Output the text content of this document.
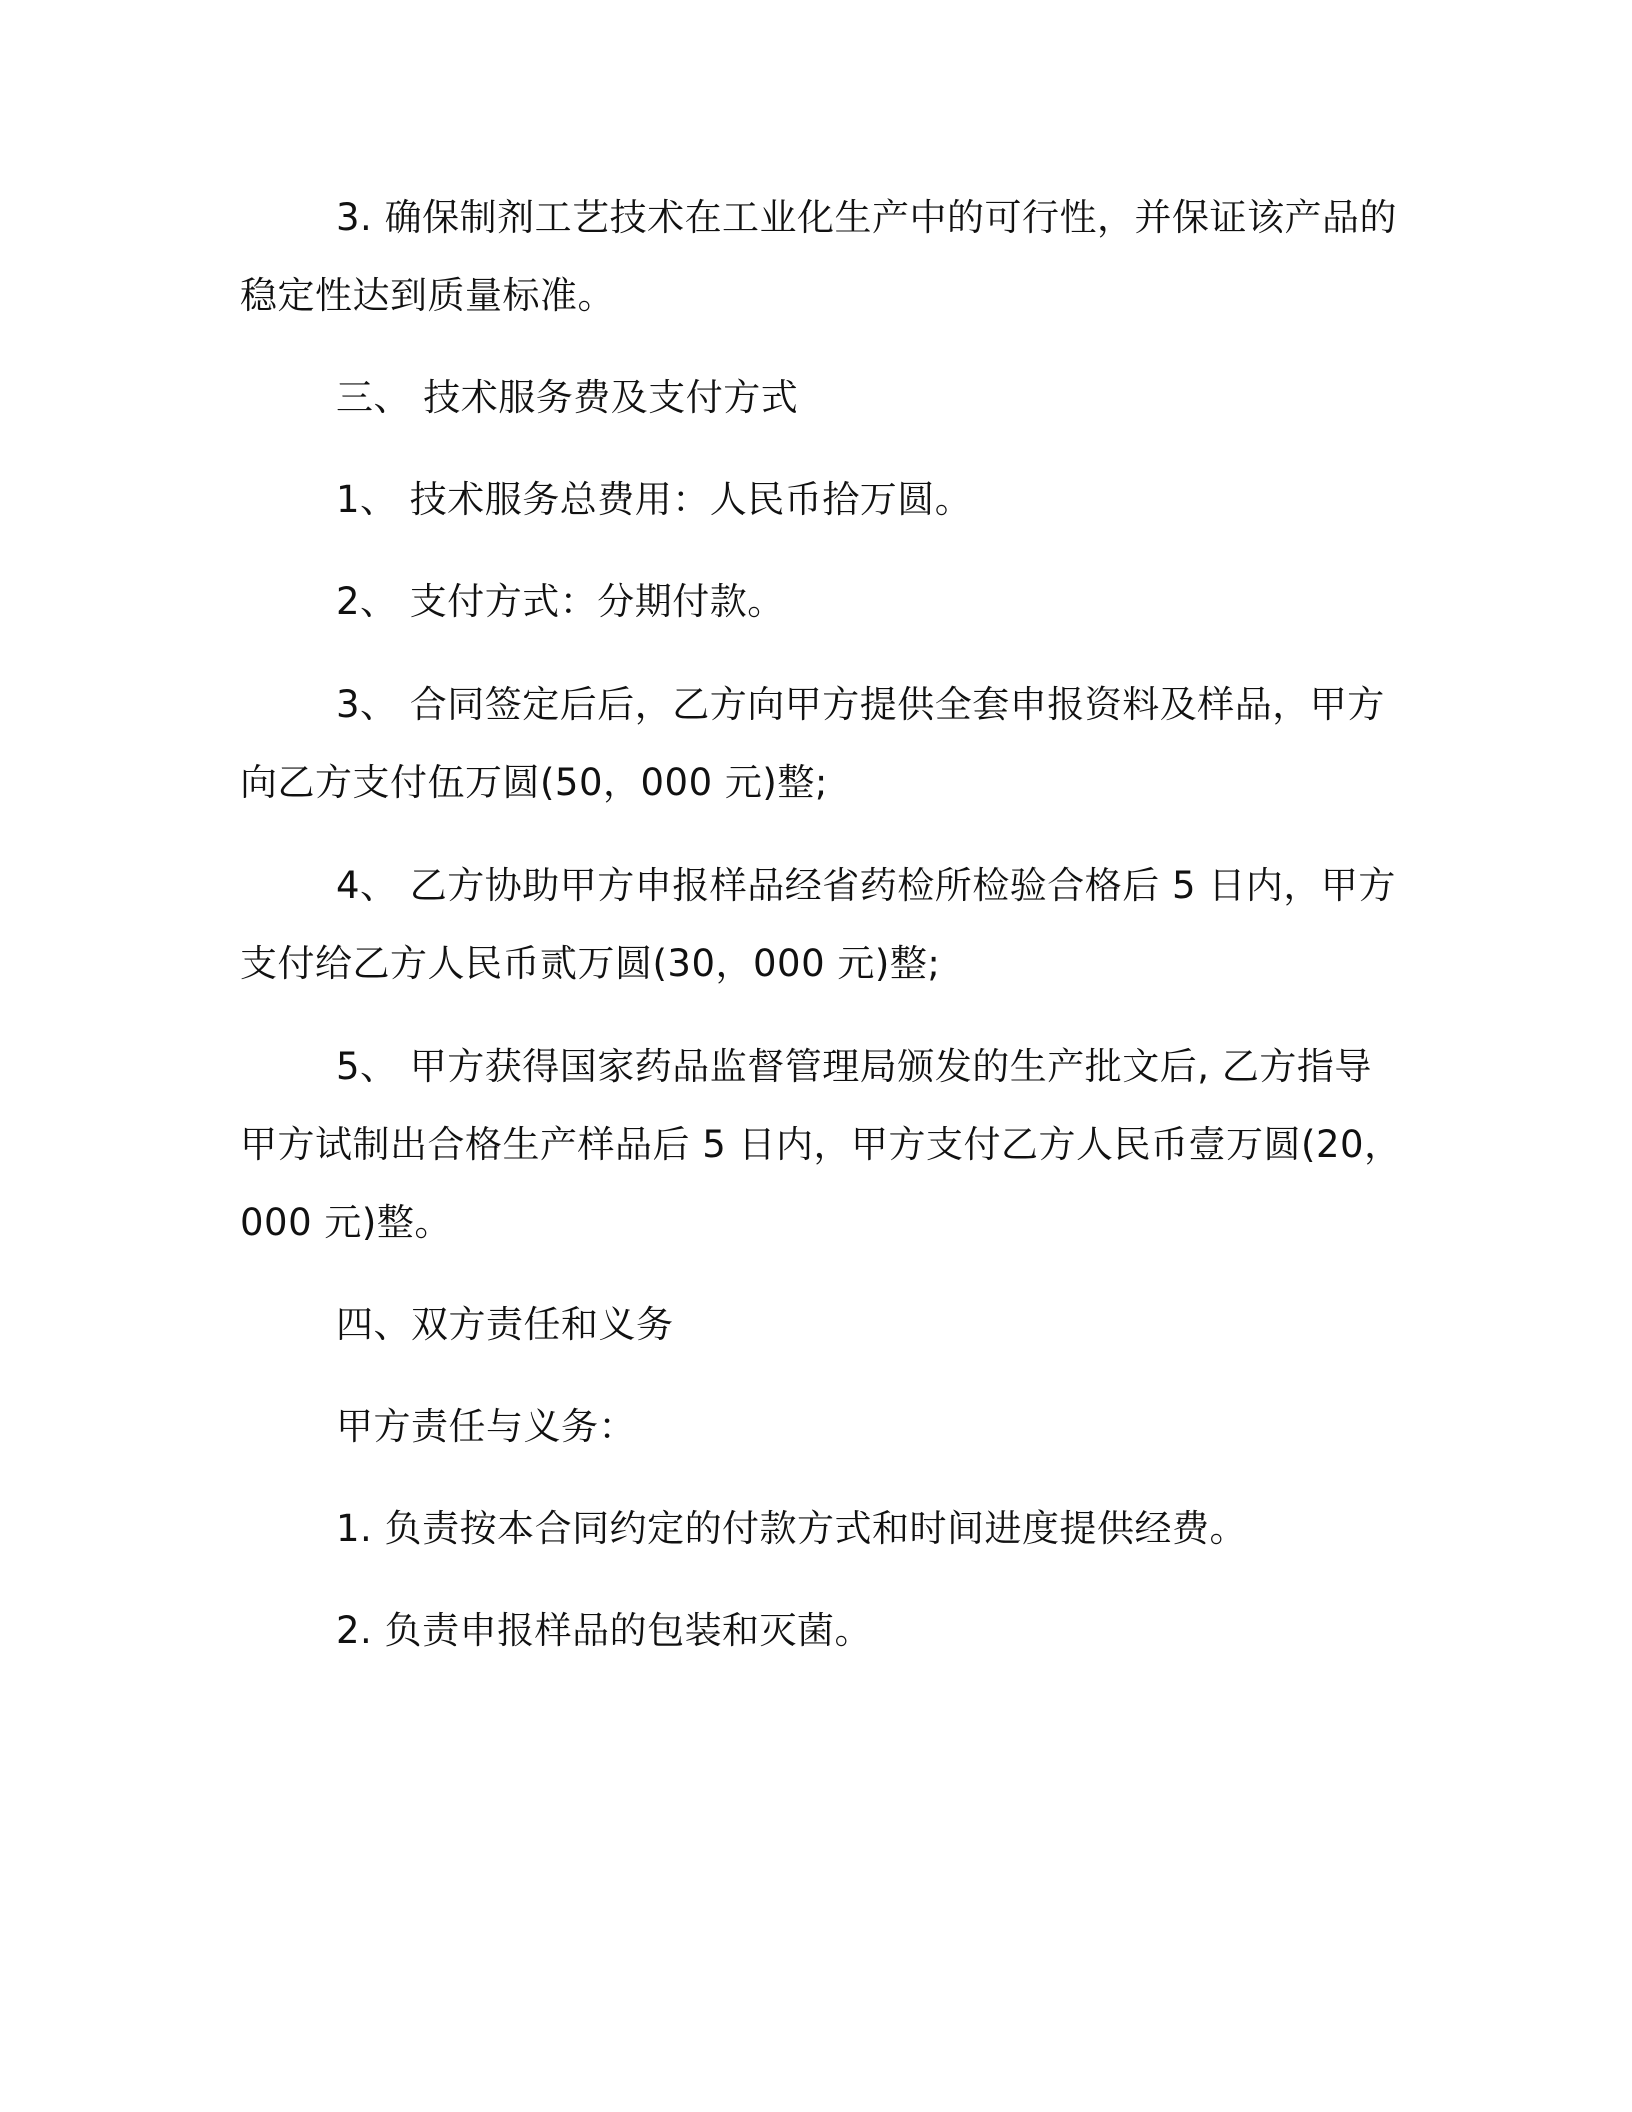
3. 确保制剂工艺技术在工业化生产中的可行性，并保证该产品的
稳定性达到质量标准。
三、 技术服务费及支付方式
1、 技术服务总费用：人民币拾万圆。
2、 支付方式：分期付款。
3、 合同签定后后，乙方向甲方提供全套申报资料及样品，甲方
向乙方支付伍万圆(50，000 元)整;
4、 乙方协助甲方申报样品经省药检所检验合格后 5 日内，甲方
支付给乙方人民币贰万圆(30，000 元)整;
5、 甲方获得国家药品监督管理局颁发的生产批文后, 乙方指导
甲方试制出合格生产样品后 5 日内，甲方支付乙方人民币壹万圆(20，
000 元)整。
四、双方责任和义务
甲方责任与义务：
1. 负责按本合同约定的付款方式和时间进度提供经费。
2. 负责申报样品的包装和灭菌。
